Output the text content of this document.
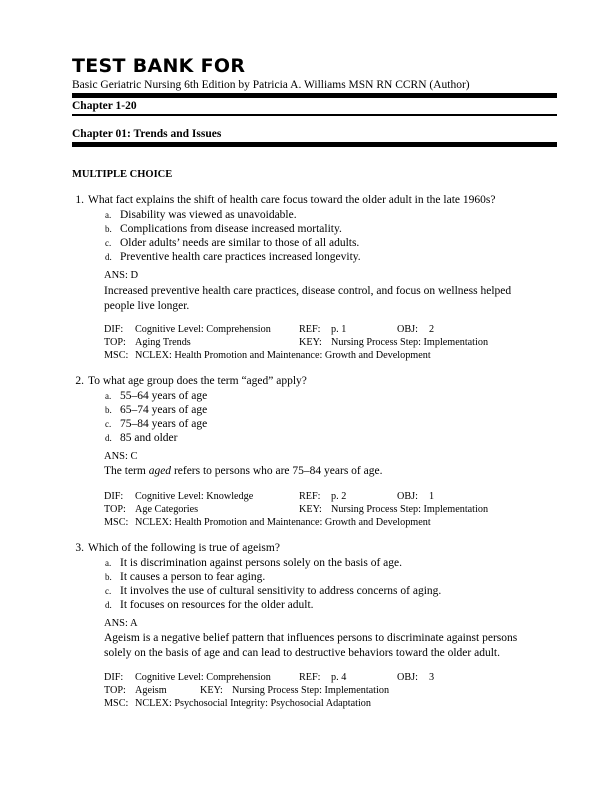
TEST BANK FOR
Basic Geriatric Nursing 6th Edition by Patricia A. Williams MSN RN CCRN (Author)
Chapter 1-20
Chapter 01: Trends and Issues
MULTIPLE CHOICE
1. What fact explains the shift of health care focus toward the older adult in the late 1960s?
a. Disability was viewed as unavoidable.
b. Complications from disease increased mortality.
c. Older adults’ needs are similar to those of all adults.
d. Preventive health care practices increased longevity.
ANS: D
Increased preventive health care practices, disease control, and focus on wellness helped people live longer.
DIF: Cognitive Level: Comprehension	REF: p. 1	OBJ: 2
TOP: Aging Trends	KEY: Nursing Process Step: Implementation
MSC: NCLEX: Health Promotion and Maintenance: Growth and Development
2. To what age group does the term “aged” apply?
a. 55–64 years of age
b. 65–74 years of age
c. 75–84 years of age
d. 85 and older
ANS: C
The term aged refers to persons who are 75–84 years of age.
DIF: Cognitive Level: Knowledge	REF: p. 2	OBJ: 1
TOP: Age Categories	KEY: Nursing Process Step: Implementation
MSC: NCLEX: Health Promotion and Maintenance: Growth and Development
3. Which of the following is true of ageism?
a. It is discrimination against persons solely on the basis of age.
b. It causes a person to fear aging.
c. It involves the use of cultural sensitivity to address concerns of aging.
d. It focuses on resources for the older adult.
ANS: A
Ageism is a negative belief pattern that influences persons to discriminate against persons solely on the basis of age and can lead to destructive behaviors toward the older adult.
DIF: Cognitive Level: Comprehension	REF: p. 4	OBJ: 3
TOP: Ageism	KEY: Nursing Process Step: Implementation
MSC: NCLEX: Psychosocial Integrity: Psychosocial Adaptation
